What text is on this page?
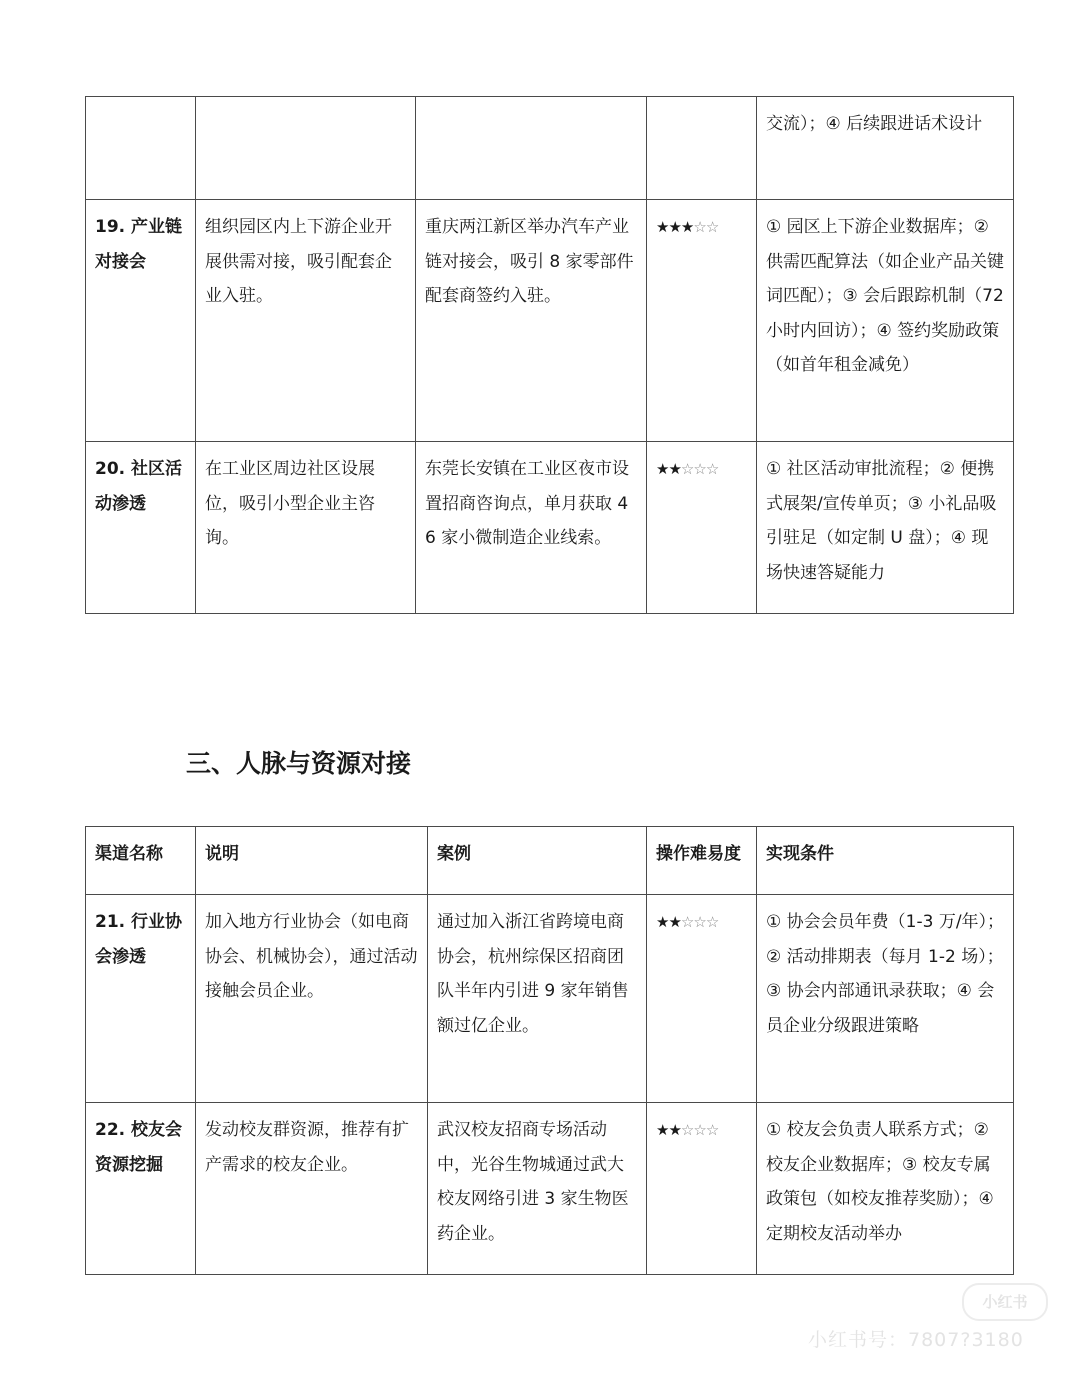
				交流）；④ 后续跟进话术设计
19. 产业链对接会	组织园区内上下游企业开展供需对接，吸引配套企业入驻。	重庆两江新区举办汽车产业链对接会，吸引 8 家零部件配套商签约入驻。	★★★☆☆	① 园区上下游企业数据库；② 供需匹配算法（如企业产品关键词匹配）；③ 会后跟踪机制（72 小时内回访）；④ 签约奖励政策（如首年租金减免）
20. 社区活动渗透	在工业区周边社区设展位，吸引小型企业主咨询。	东莞长安镇在工业区夜市设置招商咨询点，单月获取 46 家小微制造企业线索。	★★☆☆☆	① 社区活动审批流程；② 便携式展架/宣传单页；③ 小礼品吸引驻足（如定制 U 盘）；④ 现场快速答疑能力
三、人脉与资源对接
渠道名称	说明	案例	操作难易度	实现条件
21. 行业协会渗透	加入地方行业协会（如电商协会、机械协会），通过活动接触会员企业。	通过加入浙江省跨境电商协会，杭州综保区招商团队半年内引进 9 家年销售额过亿企业。	★★☆☆☆	① 协会会员年费（1-3 万/年）；② 活动排期表（每月 1-2 场）；③ 协会内部通讯录获取；④ 会员企业分级跟进策略
22. 校友会资源挖掘	发动校友群资源，推荐有扩产需求的校友企业。	武汉校友招商专场活动中，光谷生物城通过武大校友网络引进 3 家生物医药企业。	★★☆☆☆	① 校友会负责人联系方式；② 校友企业数据库；③ 校友专属政策包（如校友推荐奖励）；④ 定期校友活动举办
小红书
小红书号：7807?3180
